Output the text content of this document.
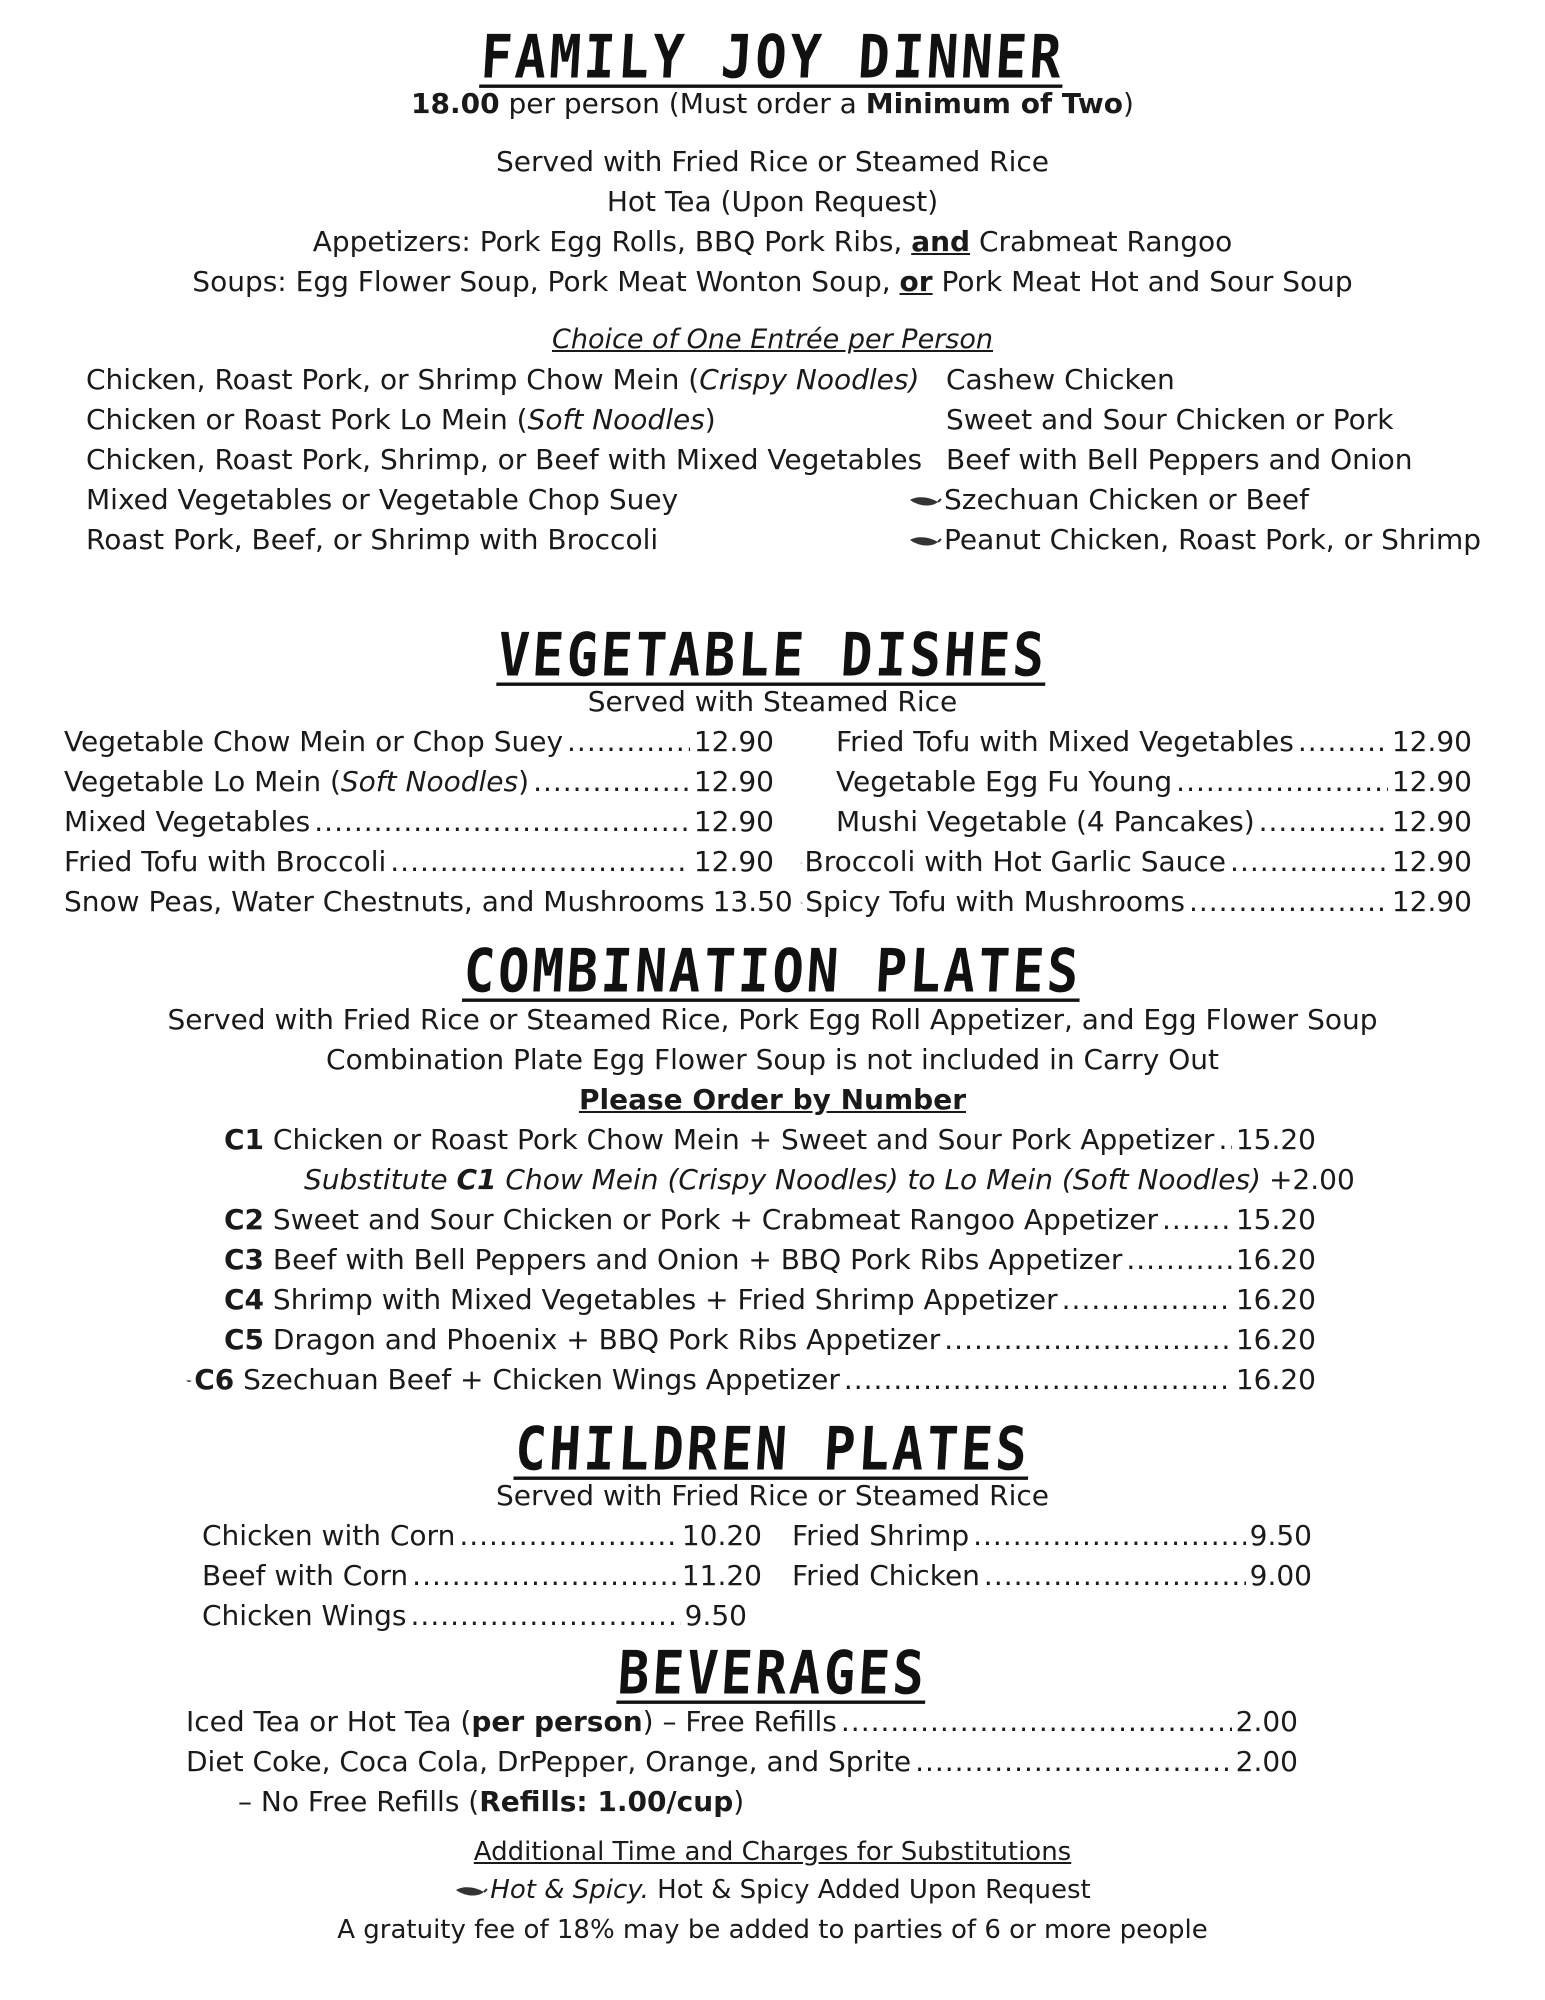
FAMILY JOY DINNER
18.00 per person (Must order a Minimum of Two)
Served with Fried Rice or Steamed Rice
Hot Tea (Upon Request)
Appetizers: Pork Egg Rolls, BBQ Pork Ribs, and Crabmeat Rangoo
Soups: Egg Flower Soup, Pork Meat Wonton Soup, or Pork Meat Hot and Sour Soup
Choice of One Entrée per Person
Chicken, Roast Pork, or Shrimp Chow Mein (Crispy Noodles)
Chicken or Roast Pork Lo Mein (Soft Noodles)
Chicken, Roast Pork, Shrimp, or Beef with Mixed Vegetables
Mixed Vegetables or Vegetable Chop Suey
Roast Pork, Beef, or Shrimp with Broccoli
Cashew Chicken
Sweet and Sour Chicken or Pork
Beef with Bell Peppers and Onion
Szechuan Chicken or Beef
Peanut Chicken, Roast Pork, or Shrimp
VEGETABLE DISHES
Served with Steamed Rice
Vegetable Chow Mein or Chop Suey .....	12.90
Vegetable Lo Mein (Soft Noodles) .....	12.90
Mixed Vegetables .....	12.90
Fried Tofu with Broccoli .....	12.90
Snow Peas, Water Chestnuts, and Mushrooms 13.50
Fried Tofu with Mixed Vegetables .....	12.90
Vegetable Egg Fu Young .....	12.90
Mushi Vegetable (4 Pancakes) .....	12.90
Broccoli with Hot Garlic Sauce .....	12.90
Spicy Tofu with Mushrooms .....	12.90
COMBINATION PLATES
Served with Fried Rice or Steamed Rice, Pork Egg Roll Appetizer, and Egg Flower Soup
Combination Plate Egg Flower Soup is not included in Carry Out
Please Order by Number
C1 Chicken or Roast Pork Chow Mein + Sweet and Sour Pork Appetizer ..... 15.20
Substitute C1 Chow Mein (Crispy Noodles) to Lo Mein (Soft Noodles) +2.00
C2 Sweet and Sour Chicken or Pork + Crabmeat Rangoo Appetizer .....	15.20
C3 Beef with Bell Peppers and Onion + BBQ Pork Ribs Appetizer .....	16.20
C4 Shrimp with Mixed Vegetables + Fried Shrimp Appetizer .....	16.20
C5 Dragon and Phoenix + BBQ Pork Ribs Appetizer .....	16.20
C6 Szechuan Beef + Chicken Wings Appetizer .....	16.20
CHILDREN PLATES
Served with Fried Rice or Steamed Rice
Chicken with Corn .....	10.20
Beef with Corn .....	11.20
Chicken Wings .....	9.50
Fried Shrimp .....	9.50
Fried Chicken .....	9.00
BEVERAGES
Iced Tea or Hot Tea (per person) – Free Refills .....	2.00
Diet Coke, Coca Cola, DrPepper, Orange, and Sprite .....	2.00
– No Free Refills (Refills: 1.00/cup)
Additional Time and Charges for Substitutions
Hot & Spicy. Hot & Spicy Added Upon Request
A gratuity fee of 18% may be added to parties of 6 or more people
